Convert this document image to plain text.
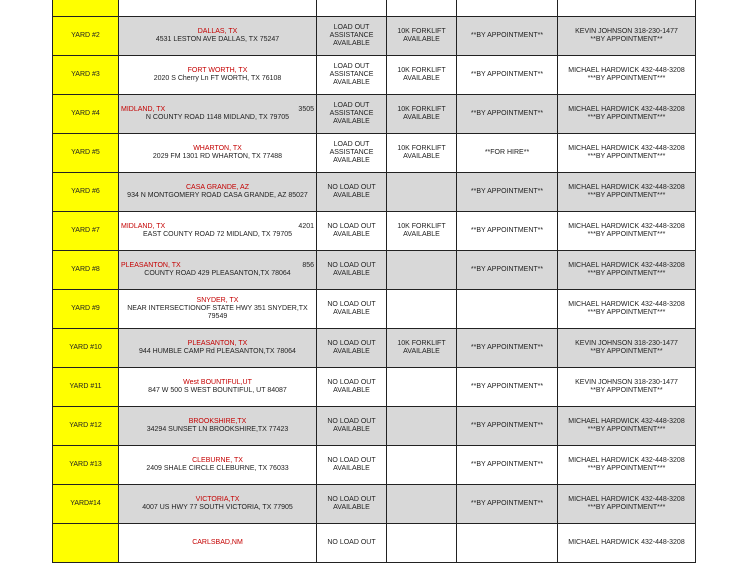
YARD #2	DALLAS, TX
4531 LESTON AVE DALLAS, TX 75247	LOAD OUT ASSISTANCE AVAILABLE	10K FORKLIFT AVAILABLE	**BY APPOINTMENT**	KEVIN JOHNSON 318-230-1477
**BY APPOINTMENT**

YARD #3	FORT WORTH, TX
2020 S Cherry Ln FT WORTH, TX 76108	LOAD OUT ASSISTANCE AVAILABLE	10K FORKLIFT AVAILABLE	**BY APPOINTMENT**	MICHAEL HARDWICK 432-448-3208
***BY APPOINTMENT***

YARD #4	MIDLAND, TX 3505
N COUNTY ROAD 1148 MIDLAND, TX 79705	LOAD OUT ASSISTANCE AVAILABLE	10K FORKLIFT AVAILABLE	**BY APPOINTMENT**	MICHAEL HARDWICK 432-448-3208
***BY APPOINTMENT***

YARD #5	WHARTON, TX
2029 FM 1301 RD WHARTON, TX 77488	LOAD OUT ASSISTANCE AVAILABLE	10K FORKLIFT AVAILABLE	**FOR HIRE**	MICHAEL HARDWICK 432-448-3208
***BY APPOINTMENT***

YARD #6	CASA GRANDE, AZ
934 N MONTGOMERY ROAD CASA GRANDE, AZ 85027	NO LOAD OUT AVAILABLE		**BY APPOINTMENT**	MICHAEL HARDWICK 432-448-3208
***BY APPOINTMENT***

YARD #7	MIDLAND, TX 4201
EAST COUNTY ROAD 72 MIDLAND, TX 79705	NO LOAD OUT AVAILABLE	10K FORKLIFT AVAILABLE	**BY APPOINTMENT**	MICHAEL HARDWICK 432-448-3208
***BY APPOINTMENT***

YARD #8	PLEASANTON, TX 856
COUNTY ROAD 429 PLEASANTON,TX 78064	NO LOAD OUT AVAILABLE		**BY APPOINTMENT**	MICHAEL HARDWICK 432-448-3208
***BY APPOINTMENT***

YARD #9	SNYDER, TX
NEAR INTERSECTIONOF STATE HWY 351 SNYDER,TX 79549	NO LOAD OUT AVAILABLE			MICHAEL HARDWICK 432-448-3208
***BY APPOINTMENT***

YARD #10	PLEASANTON, TX
944 HUMBLE CAMP Rd PLEASANTON,TX 78064	NO LOAD OUT AVAILABLE	10K FORKLIFT AVAILABLE	**BY APPOINTMENT**	KEVIN JOHNSON 318-230-1477
**BY APPOINTMENT**

YARD #11	West BOUNTIFUL,UT
847 W 500 S WEST BOUNTIFUL, UT 84087	NO LOAD OUT AVAILABLE		**BY APPOINTMENT**	KEVIN JOHNSON 318-230-1477
**BY APPOINTMENT**

YARD #12	BROOKSHIRE,TX
34294 SUNSET LN BROOKSHIRE,TX 77423	NO LOAD OUT AVAILABLE		**BY APPOINTMENT**	MICHAEL HARDWICK 432-448-3208
***BY APPOINTMENT***

YARD #13	CLEBURNE, TX
2409 SHALE CIRCLE CLEBURNE, TX 76033	NO LOAD OUT AVAILABLE		**BY APPOINTMENT**	MICHAEL HARDWICK 432-448-3208
***BY APPOINTMENT***

YARD#14	VICTORIA,TX
4007 US HWY 77 SOUTH VICTORIA, TX 77905	NO LOAD OUT AVAILABLE		**BY APPOINTMENT**	MICHAEL HARDWICK 432-448-3208
***BY APPOINTMENT***

	CARLSBAD,NM	NO LOAD OUT			MICHAEL HARDWICK 432-448-3208
